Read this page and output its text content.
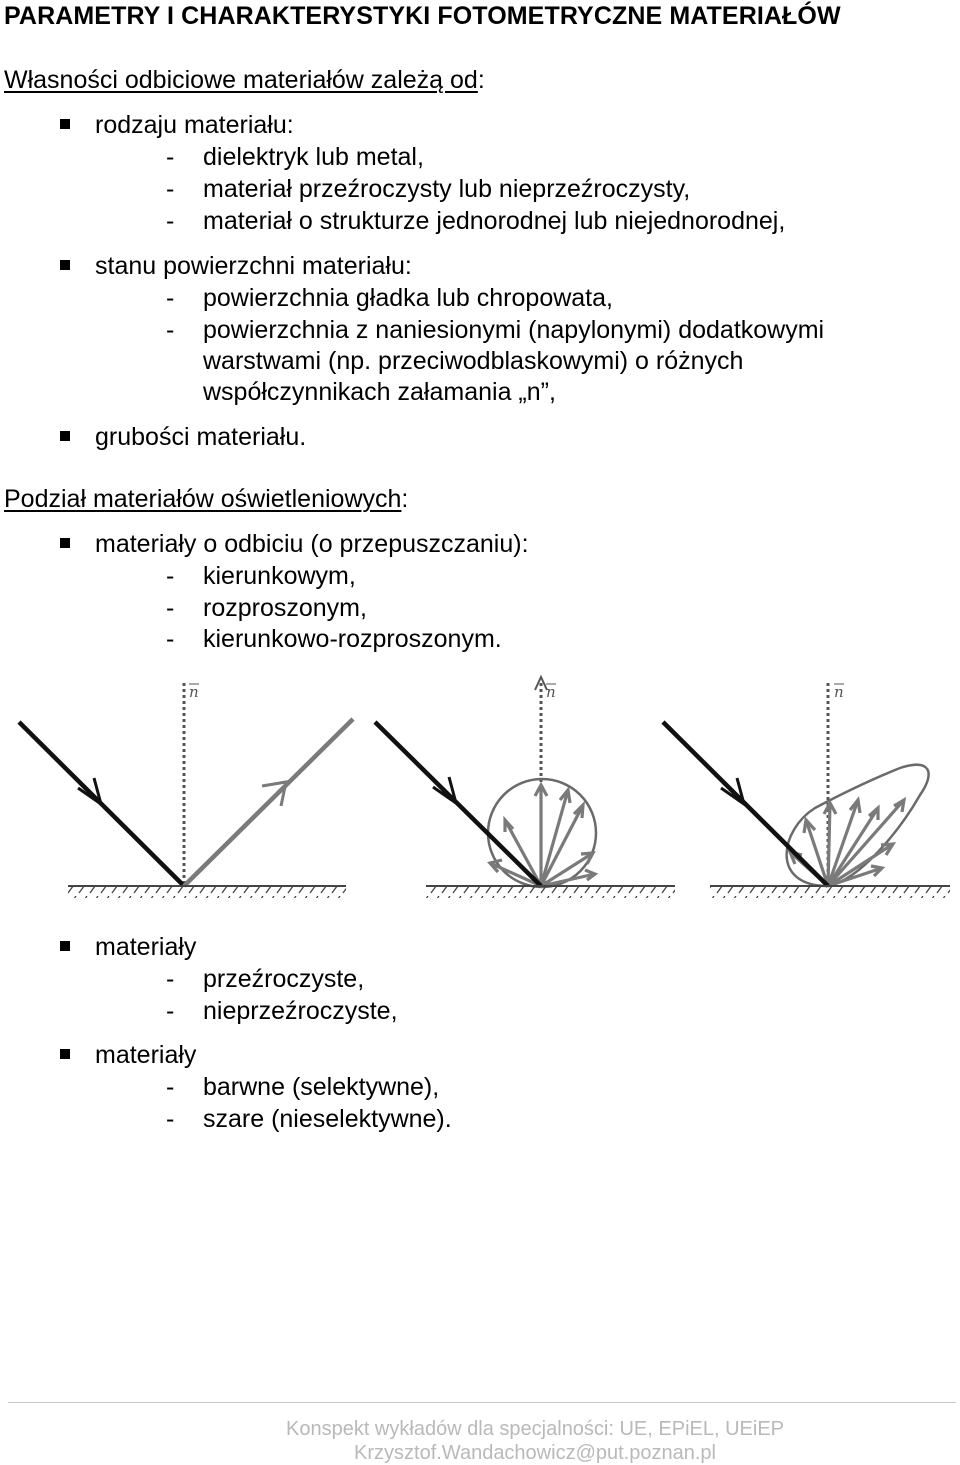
PARAMETRY I CHARAKTERYSTYKI FOTOMETRYCZNE MATERIAŁÓW
Własności odbiciowe materiałów zależą od:
rodzaju materiału:
- dielektryk lub metal,
- materiał przeźroczysty lub nieprzeźroczysty,
- materiał o strukturze jednorodnej lub niejednorodnej,
stanu powierzchni materiału:
- powierzchnia gładka lub chropowata,
- powierzchnia z naniesionymi (napylonymi) dodatkowymi
warstwami (np. przeciwodblaskowymi) o różnych
współczynnikach załamania „n”,
grubości materiału.
Podział materiałów oświetleniowych:
materiały o odbiciu (o przepuszczaniu):
- kierunkowym,
- rozproszonym,
- kierunkowo-rozproszonym.
n	n	n
materiały
- przeźroczyste,
- nieprzeźroczyste,
materiały
- barwne (selektywne),
- szare (nieselektywne).
Konspekt wykładów dla specjalności: UE, EPiEL, UEiEP
Krzysztof.Wandachowicz@put.poznan.pl
